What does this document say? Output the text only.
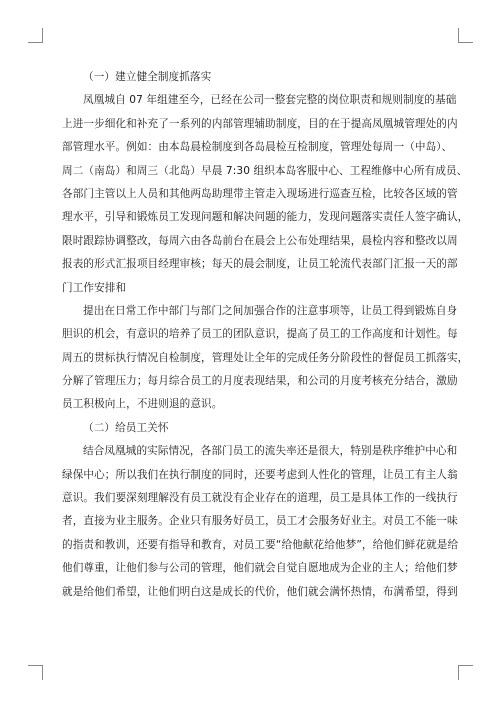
（一）建立健全制度抓落实
凤凰城自 07 年组建至今，已经在公司一整套完整的岗位职责和规则制度的基础
上进一步细化和补充了一系列的内部管理辅助制度，目的在于提高凤凰城管理处的内
部管理水平。例如：由本岛晨检制度到各岛晨检互检制度，管理处每周一（中岛）、
周二（南岛）和周三（北岛）早晨 7:30 组织本岛客服中心、工程维修中心所有成员、
各部门主管以上人员和其他两岛助理带主管走入现场进行巡查互检，比较各区域的管
理水平，引导和锻炼员工发现问题和解决问题的能力，发现问题落实责任人签字确认，
限时跟踪协调整改，每周六由各岛前台在晨会上公布处理结果，晨检内容和整改以周
报表的形式汇报项目经理审核；每天的晨会制度，让员工轮流代表部门汇报一天的部
门工作安排和
提出在日常工作中部门与部门之间加强合作的注意事项等，让员工得到锻炼自身
胆识的机会，有意识的培养了员工的团队意识，提高了员工的工作高度和计划性。每
周五的贯标执行情况自检制度，管理处让全年的完成任务分阶段性的督促员工抓落实，
分解了管理压力；每月综合员工的月度表现结果，和公司的月度考核充分结合，激励
员工积极向上，不进则退的意识。
（二）给员工关怀
结合凤凰城的实际情况，各部门员工的流失率还是很大，特别是秩序维护中心和
绿保中心；所以我们在执行制度的同时，还要考虑到人性化的管理，让员工有主人翁
意识。我们要深刻理解没有员工就没有企业存在的道理，员工是具体工作的一线执行
者，直接为业主服务。企业只有服务好员工，员工才会服务好业主。对员工不能一味
的指责和教训，还要有指导和教育，对员工要“给他献花给他梦”，给他们鲜花就是给
他们尊重，让他们参与公司的管理，他们就会自觉自愿地成为企业的主人；给他们梦
就是给他们希望，让他们明白这是成长的代价，他们就会满怀热情，布满希望，得到
